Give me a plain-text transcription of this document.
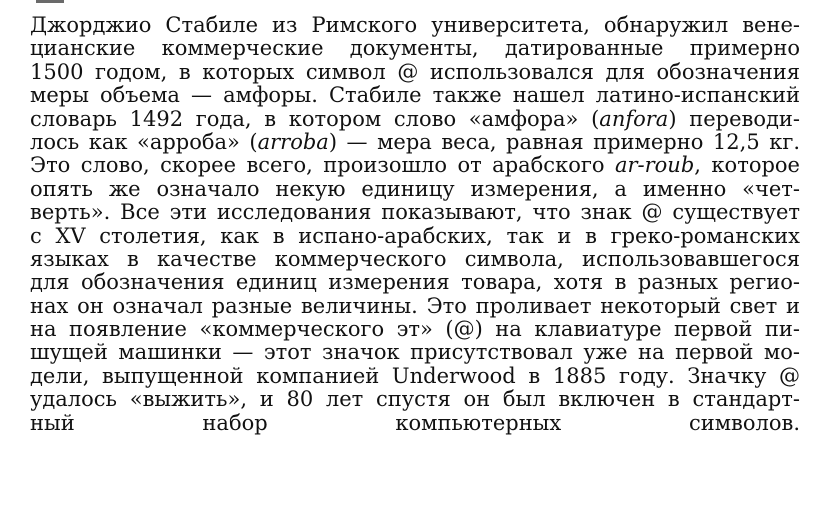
Джорджио Стабиле из Римского университета, обнаружил вене-
цианские коммерческие документы, датированные примерно
1500 годом, в которых символ @ использовался для обозначения
меры объема — амфоры. Стабиле также нашел латино-испанский
словарь 1492 года, в котором слово «амфора» (anfora) переводи-
лось как «арроба» (arroba) — мера веса, равная примерно 12,5 кг.
Это слово, скорее всего, произошло от арабского ar-roub, которое
опять же означало некую единицу измерения, а именно «чет-
верть». Все эти исследования показывают, что знак @ существует
с XV столетия, как в испано-арабских, так и в греко-романских
языках в качестве коммерческого символа, использовавшегося
для обозначения единиц измерения товара, хотя в разных регио-
нах он означал разные величины. Это проливает некоторый свет и
на появление «коммерческого эт» (@) на клавиатуре первой пи-
шущей машинки — этот значок присутствовал уже на первой мо-
дели, выпущенной компанией Underwood в 1885 году. Значку @
удалось «выжить», и 80 лет спустя он был включен в стандарт-
ный набор компьютерных символов.
